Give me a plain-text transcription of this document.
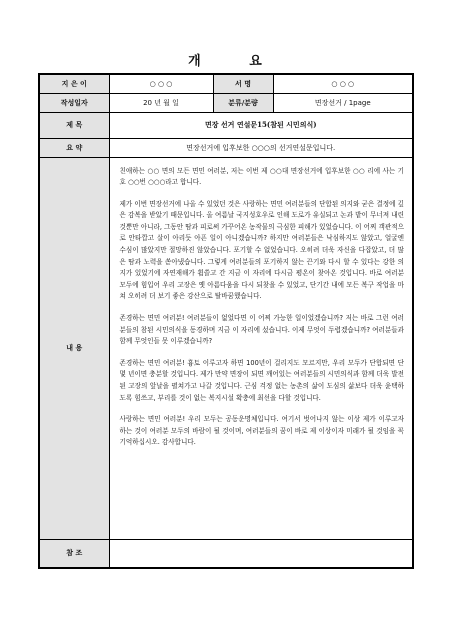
개 요
지 은 이	○ ○ ○	서 명	○ ○ ○
작성일자	20 년 월 일	분류/분량	면장선거 / 1page
제 목	면장 선거 연설문15(참된 시민의식)		
요 약	면장선거에 입후보한 ○○○의 선거연설문입니다.		
내 용	친애하는 ○○ 면의 모든 면민 여러분, 저는 이번 제 ○○대 면장선거에 입후보한 ○○ 리에 사는 기호 ○○번 ○○○라고 합니다.

제가 이번 면장선거에 나올 수 있었던 것은 사랑하는 면민 여러분들의 단합된 의지와 굳은 결정에 깊은 감복을 받았기 때문입니다. 올 여름날 국지성호우로 인해 도로가 유실되고 논과 밭이 무너져 내린 것뿐만 아니라, 그동안 땀과 피로써 가꾸어온 농작물의 극심한 피해가 있었습니다. 이 어찌 객관적으로 안타깝고 살이 아리듯 아픈 일이 아니겠습니까? 하지만 여러분들은 낙심하지도 않았고, 얼굴엔 수심이 많았지만 절망하진 않았습니다. 포기할 수 없었습니다. 오히려 더욱 자신을 다잡았고, 더 많은 땀과 노력을 쏟아냈습니다. 그렇게 여러분들의 포기하지 않는 끈기와 다시 할 수 있다는 강한 의지가 있었기에 자연재해가 휩쓸고 간 지금 이 자리에 다시금 평온이 찾아온 것입니다. 바로 여러분 모두에 힘입어 우리 고장은 옛 아름다움을 다시 되찾을 수 있었고, 단기간 내에 모든 복구 작업을 마쳐 오히려 더 보기 좋은 강산으로 탈바꿈했습니다.

존경하는 면민 여러분! 여러분들이 없었다면 이 어찌 가능한 일이었겠습니까? 저는 바로 그런 여러분들의 참된 시민의식을 동경하며 지금 이 자리에 섰습니다. 이제 무엇이 두렵겠습니까? 여러분들과 함께 무엇인들 못 이루겠습니까?

존경하는 면민 여러분! 흉토 이루고자 하면 100년이 걸리지도 모르지만, 우리 모두가 단합되면 단 몇 년이면 충분할 것입니다. 제가 만약 면장이 되면 깨어있는 여러분들의 시민의식과 함께 더욱 발전된 고장의 앞날을 펼쳐가고 나갈 것입니다. 근심 걱정 없는 농촌의 삶이 도심의 삶보다 더욱 윤택하도록 힘쓰고, 부리를 것이 없는 복지시설 확충에 최선을 다할 것입니다.

사랑하는 면민 여러분! 우리 모두는 공동운명체입니다. 여기서 벗어나지 않는 이상 제가 이루고자 하는 것이 여러분 모두의 바람이 될 것이며, 여러분들의 꿈이 바로 제 이상이자 미래가 될 것임을 꼭 기억하십시오. 감사합니다.		

참 조			
